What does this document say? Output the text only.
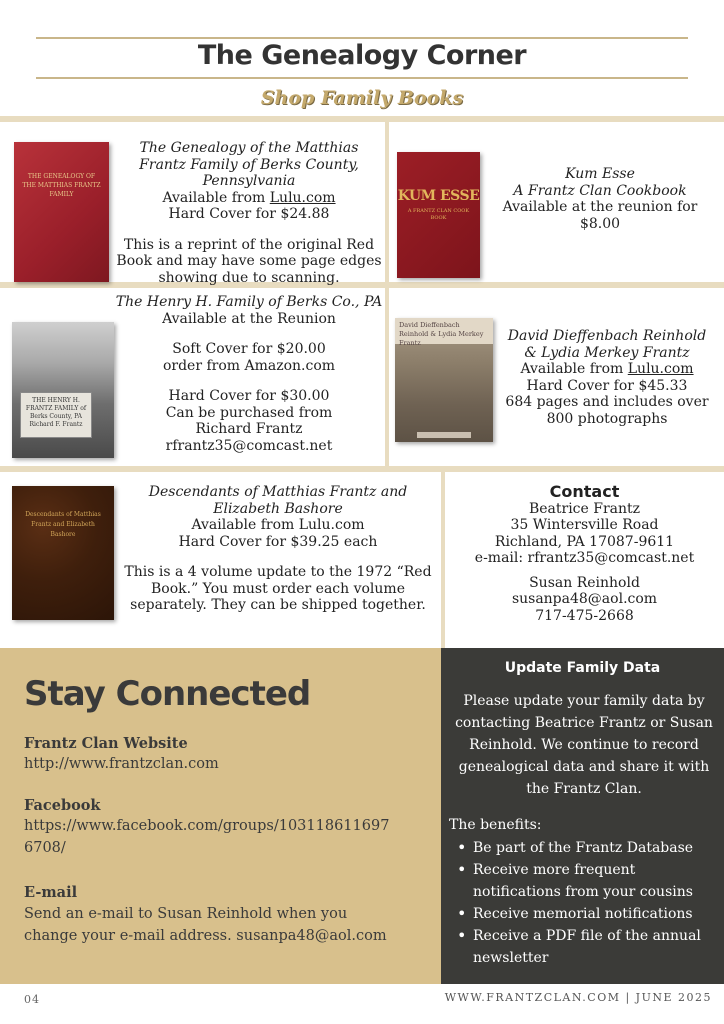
The Genealogy Corner
Shop Family Books
THE GENEALOGY OF THE MATTHIAS FRANTZ FAMILY
The Genealogy of the Matthias Frantz Family of Berks County, Pennsylvania
Available from Lulu.com
Hard Cover for $24.88
This is a reprint of the original Red Book and may have some page edges showing due to scanning.
KUM ESSE
A FRANTZ CLAN COOK BOOK
Kum Esse
A Frantz Clan Cookbook
Available at the reunion for $8.00
THE HENRY H. FRANTZ FAMILY of Berks County, PA Richard F. Frantz
The Henry H. Family of Berks Co., PA
Available at the Reunion
Soft Cover for $20.00
order from Amazon.com
Hard Cover for $30.00
Can be purchased from
Richard Frantz
rfrantz35@comcast.net
David Dieffenbach Reinhold & Lydia Merkey Frantz	David Dieffenbach Reinhold
& Lydia Merkey Frantz
Available from Lulu.com
Hard Cover for $45.33
684 pages and includes over 800 photographs
Descendants of Matthias Frantz and Elizabeth Bashore
Descendants of Matthias Frantz and Elizabeth Bashore
Available from Lulu.com
Hard Cover for $39.25 each
This is a 4 volume update to the 1972 “Red Book.” You must order each volume separately. They can be shipped together.
Contact
Beatrice Frantz
35 Wintersville Road
Richland, PA 17087-9611
e-mail: rfrantz35@comcast.net
Susan Reinhold
susanpa48@aol.com
717-475-2668
Stay Connected
Frantz Clan Website
http://www.frantzclan.com
Facebook
https://www.facebook.com/groups/1031186116976708/
E-mail
Send an e-mail to Susan Reinhold when you change your e-mail address. susanpa48@aol.com
Update Family Data
Please update your family data by contacting Beatrice Frantz or Susan Reinhold. We continue to record genealogical data and share it with the Frantz Clan.
The benefits:
• Be part of the Frantz Database
• Receive more frequent notifications from your cousins
• Receive memorial notifications
• Receive a PDF file of the annual newsletter
04	WWW.FRANTZCLAN.COM | JUNE 2025
